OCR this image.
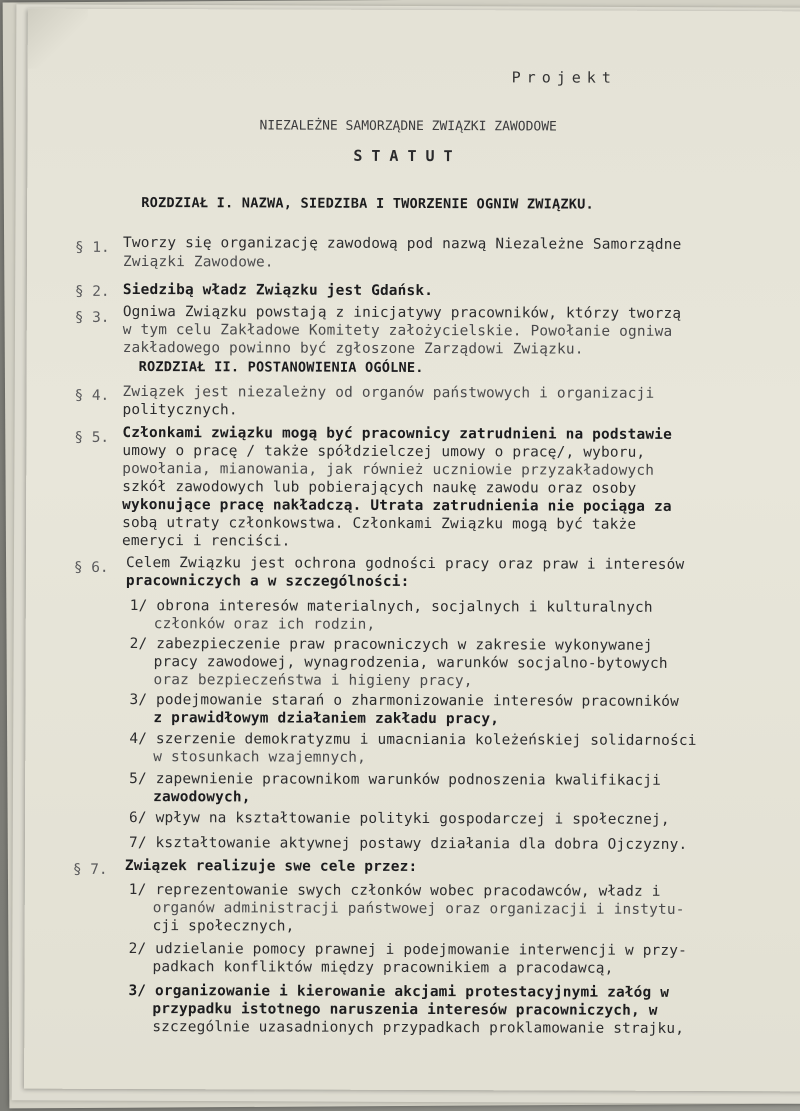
Projekt
NIEZALEŻNE SAMORZĄDNE ZWIĄZKI ZAWODOWE
STATUT
ROZDZIAŁ I. NAZWA, SIEDZIBA I TWORZENIE OGNIW ZWIĄZKU.
§ 1. Tworzy się organizację zawodową pod nazwą Niezależne Samorządne
Związki Zawodowe.
§ 2. Siedzibą władz Związku jest Gdańsk.
§ 3. Ogniwa Związku powstają z inicjatywy pracowników, którzy tworzą
w tym celu Zakładowe Komitety założycielskie. Powołanie ogniwa
zakładowego powinno być zgłoszone Zarządowi Związku.
ROZDZIAŁ II. POSTANOWIENIA OGÓLNE.
§ 4. Związek jest niezależny od organów państwowych i organizacji
politycznych.
§ 5. Członkami związku mogą być pracownicy zatrudnieni na podstawie
umowy o pracę / także spółdzielczej umowy o pracę/, wyboru,
powołania, mianowania, jak również uczniowie przyzakładowych
szkół zawodowych lub pobierających naukę zawodu oraz osoby
wykonujące pracę nakładczą. Utrata zatrudnienia nie pociąga za
sobą utraty członkowstwa. Członkami Związku mogą być także
emeryci i renciści.
§ 6. Celem Związku jest ochrona godności pracy oraz praw i interesów
pracowniczych a w szczególności:
1/ obrona interesów materialnych, socjalnych i kulturalnych
członków oraz ich rodzin,
2/ zabezpieczenie praw pracowniczych w zakresie wykonywanej
pracy zawodowej, wynagrodzenia, warunków socjalno-bytowych
oraz bezpieczeństwa i higieny pracy,
3/ podejmowanie starań o zharmonizowanie interesów pracowników
z prawidłowym działaniem zakładu pracy,
4/ szerzenie demokratyzmu i umacniania koleżeńskiej solidarności
w stosunkach wzajemnych,
5/ zapewnienie pracownikom warunków podnoszenia kwalifikacji
zawodowych,
6/ wpływ na kształtowanie polityki gospodarczej i społecznej,
7/ kształtowanie aktywnej postawy działania dla dobra Ojczyzny.
§ 7. Związek realizuje swe cele przez:
1/ reprezentowanie swych członków wobec pracodawców, władz i
organów administracji państwowej oraz organizacji i instytu-
cji społecznych,
2/ udzielanie pomocy prawnej i podejmowanie interwencji w przy-
padkach konfliktów między pracownikiem a pracodawcą,
3/ organizowanie i kierowanie akcjami protestacyjnymi załóg w
przypadku istotnego naruszenia interesów pracowniczych, w
szczególnie uzasadnionych przypadkach proklamowanie strajku,
